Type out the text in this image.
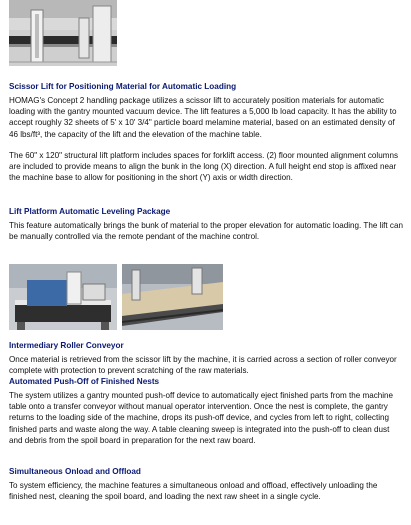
Scissor Lift for Positioning Material for Automatic Loading

HOMAG's Concept 2 handling package utilizes a scissor lift to accurately position materials for automatic loading with the gantry mounted vacuum device. The lift features a 5,000 lb load capacity. It has the ability to accept roughly 32 sheets of 5' x 10' 3/4" particle board melamine material, based on an estimated density of 46 lbs/ft³, the capacity of the lift and the elevation of the machine table.

The 60" x 120" structural lift platform includes spaces for forklift access. (2) floor mounted alignment columns are included to provide means to align the bunk in the long (X) direction. A full height end stop is affixed near the machine base to allow for positioning in the short (Y) axis or width direction.

Lift Platform Automatic Leveling Package

This feature automatically brings the bunk of material to the proper elevation for automatic loading. The lift can be manually controlled via the remote pendant of the machine control.

Intermediary Roller Conveyor

Once material is retrieved from the scissor lift by the machine, it is carried across a section of roller conveyor complete with protection to prevent scratching of the raw materials.

Automated Push-Off of Finished Nests

The system utilizes a gantry mounted push-off device to automatically eject finished parts from the machine table onto a transfer conveyor without manual operator intervention. Once the nest is complete, the gantry returns to the loading side of the machine, drops its push-off device, and cycles from left to right, collecting finished parts and waste along the way. A table cleaning sweep is integrated into the push-off to clean dust and debris from the spoil board in preparation for the next raw board.

Simultaneous Onload and Offload

To system efficiency, the machine features a simultaneous onload and offload, effectively unloading the finished nest, cleaning the spoil board, and loading the next raw sheet in a single cycle.
